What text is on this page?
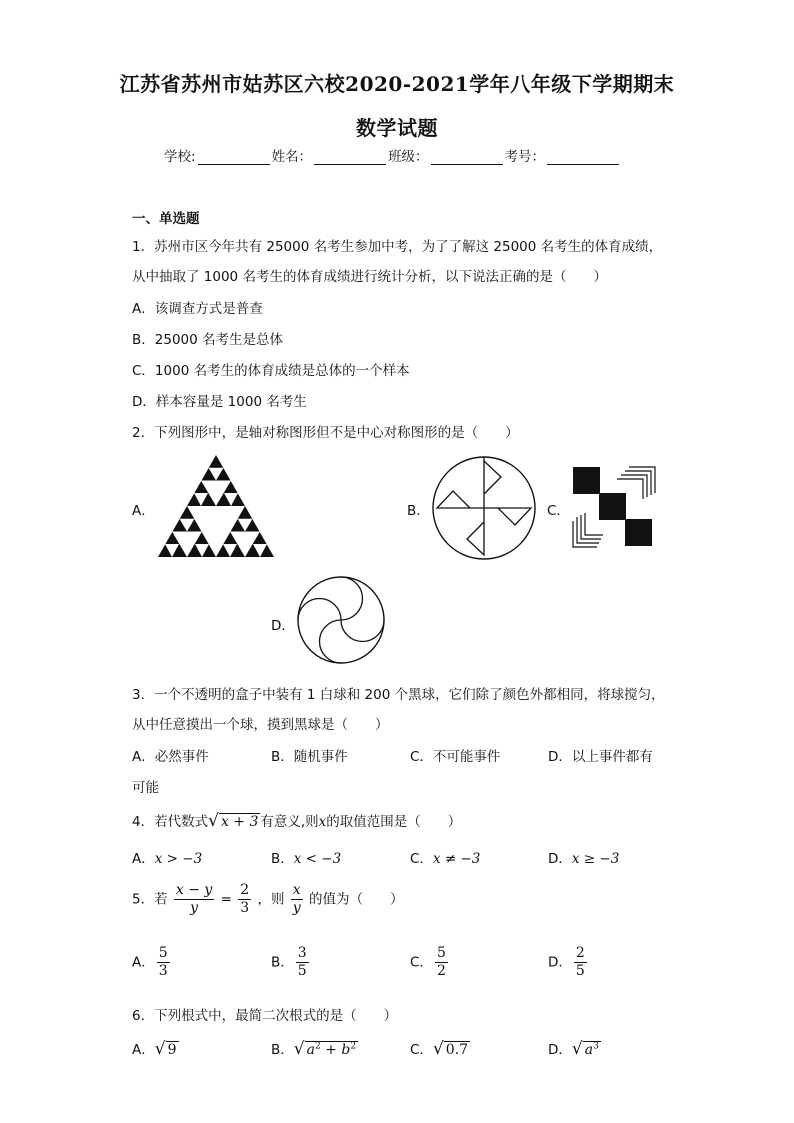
江苏省苏州市姑苏区六校2020-2021学年八年级下学期期末
数学试题
学校:	姓名：	班级：	考号：
一、单选题
1．苏州市区今年共有 25000 名考生参加中考，为了了解这 25000 名考生的体育成绩，
从中抽取了 1000 名考生的体育成绩进行统计分析，以下说法正确的是（　　）
A．该调查方式是普查
B．25000 名考生是总体
C．1000 名考生的体育成绩是总体的一个样本
D．样本容量是 1000 名考生
2．下列图形中，是轴对称图形但不是中心对称图形的是（　　）
A．	B．	C．
D．
3．一个不透明的盒子中装有 1 白球和 200 个黑球，它们除了颜色外都相同，将球搅匀，
从中任意摸出一个球，摸到黑球是（　　）
A．必然事件	B．随机事件	C．不可能事件	D．以上事件都有
可能
4．若代数式√ x + 3 有意义,则x的取值范围是（　　）
A．x > −3	B．x < −3	C．x ≠ −3	D．x ≥ −3
5．若 $\frac{x - y}{y} = \frac{2}{3}$ ，则 $\frac{x}{y}$ 的值为（　　）
A． $\frac{5}{3}$	B． $\frac{3}{5}$	C． $\frac{5}{2}$	D． $\frac{2}{5}$
6．下列根式中，最简二次根式的是（　　）
A．√ 9	B．√ $a^2 + b^2$	C．√ 0.7	D．√ $a^3$
